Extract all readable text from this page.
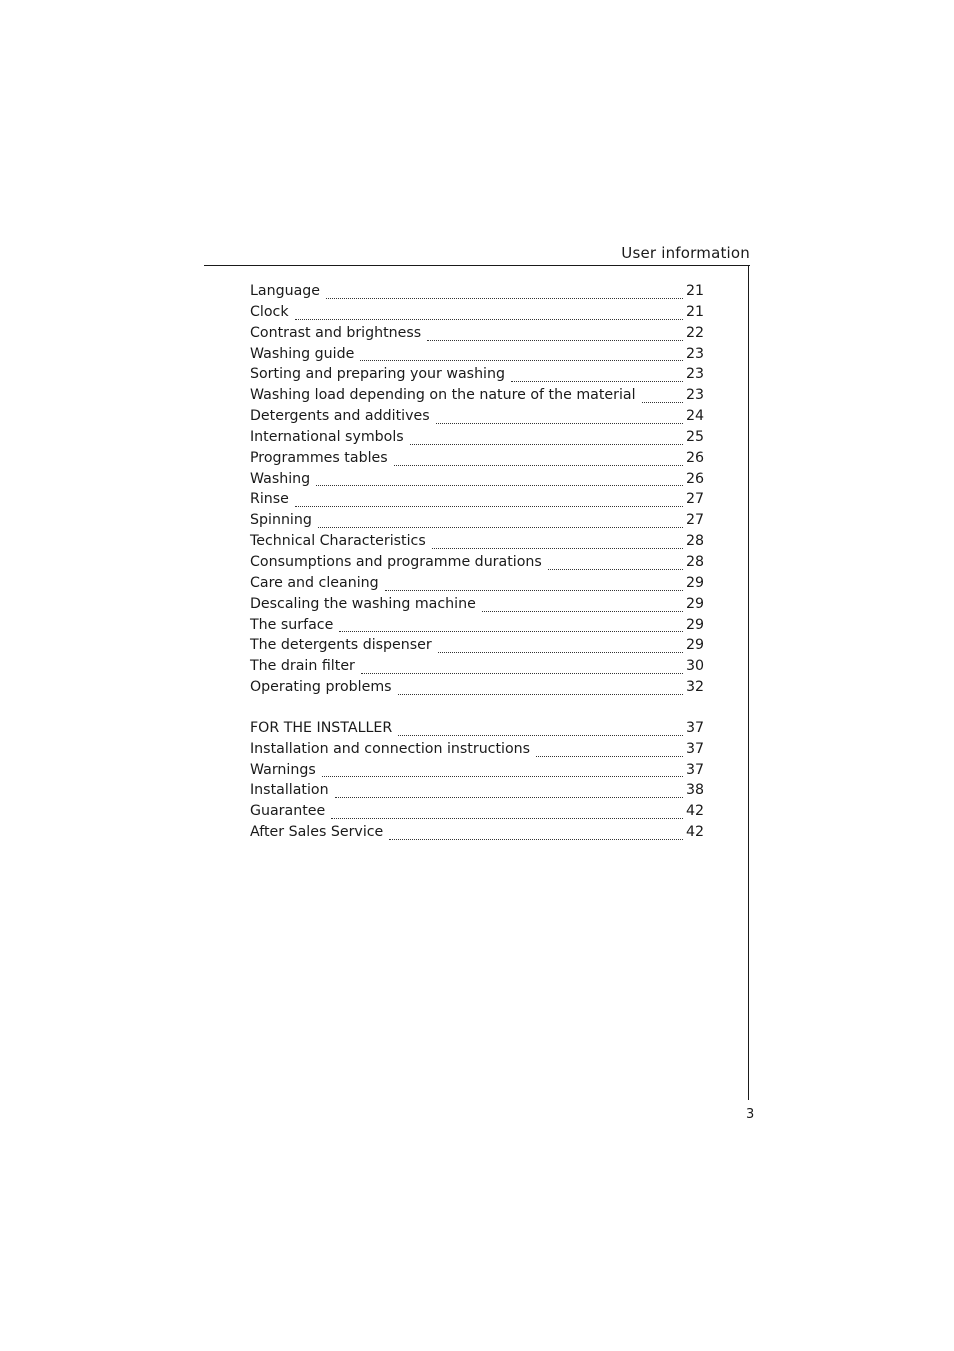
User information
Language	21
Clock	21
Contrast and brightness	22
Washing guide	23
Sorting and preparing your washing	23
Washing load depending on the nature of the material	23
Detergents and additives	24
International symbols	25
Programmes tables	26
Washing	26
Rinse	27
Spinning	27
Technical Characteristics	28
Consumptions and programme durations	28
Care and cleaning	29
Descaling the washing machine	29
The surface	29
The detergents dispenser	29
The drain filter	30
Operating problems	32
FOR THE INSTALLER	37
Installation and connection instructions	37
Warnings	37
Installation	38
Guarantee	42
After Sales Service	42
3
